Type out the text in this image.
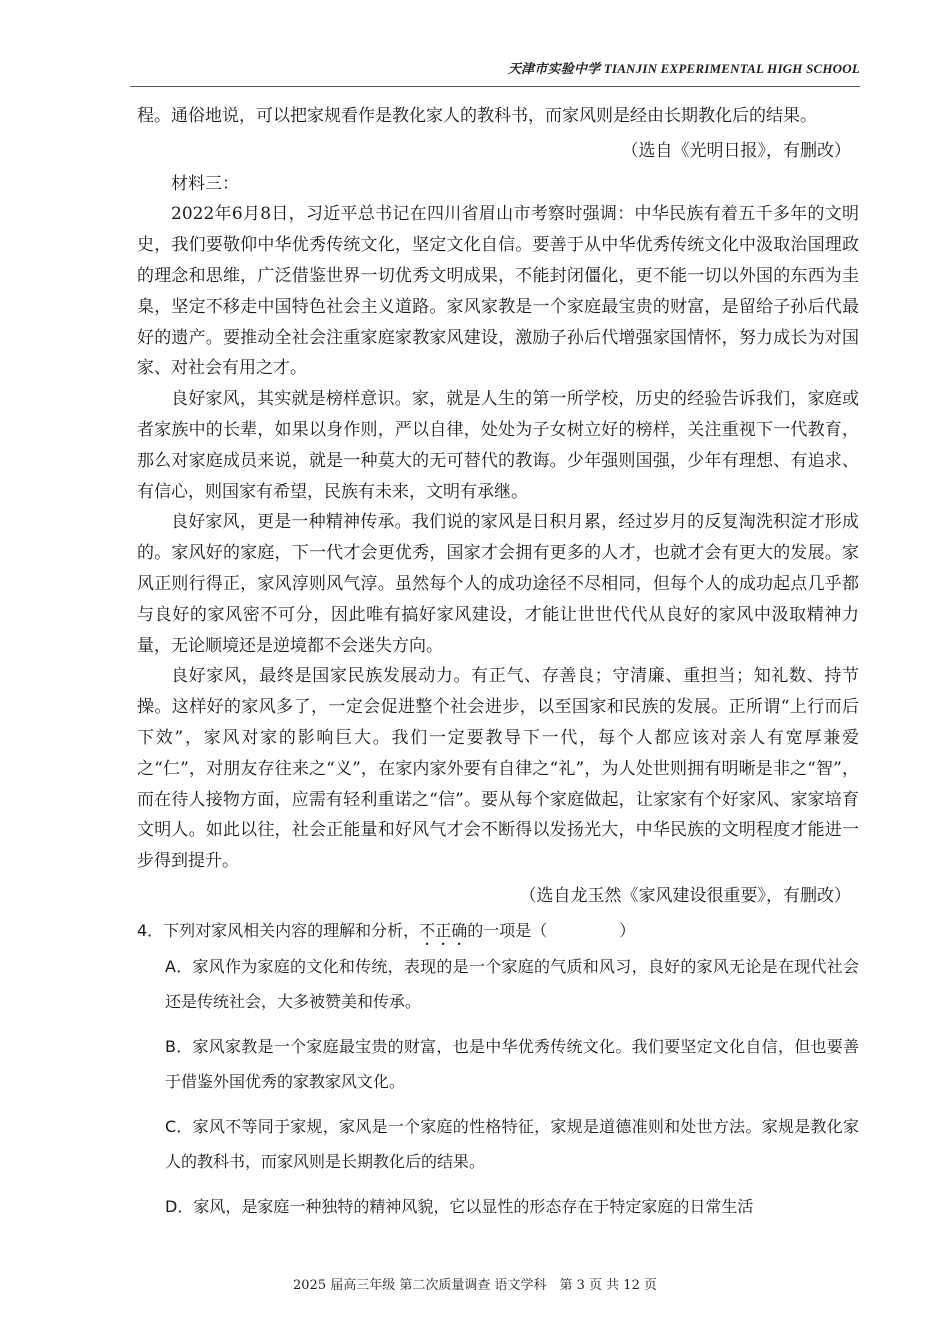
天津市实验中学 TIANJIN EXPERIMENTAL HIGH SCHOOL

程。通俗地说，可以把家规看作是教化家人的教科书，而家风则是经由长期教化后的结果。

（选自《光明日报》，有删改）

材料三：

2022年6月8日，习近平总书记在四川省眉山市考察时强调：中华民族有着五千多年的文明史，我们要敬仰中华优秀传统文化，坚定文化自信。要善于从中华优秀传统文化中汲取治国理政的理念和思维，广泛借鉴世界一切优秀文明成果，不能封闭僵化，更不能一切以外国的东西为圭臬，坚定不移走中国特色社会主义道路。家风家教是一个家庭最宝贵的财富，是留给子孙后代最好的遗产。要推动全社会注重家庭家教家风建设，激励子孙后代增强家国情怀，努力成长为对国家、对社会有用之才。

良好家风，其实就是榜样意识。家，就是人生的第一所学校，历史的经验告诉我们，家庭或者家族中的长辈，如果以身作则，严以自律，处处为子女树立好的榜样，关注重视下一代教育，那么对家庭成员来说，就是一种莫大的无可替代的教诲。少年强则国强，少年有理想、有追求、有信心，则国家有希望，民族有未来，文明有承继。

良好家风，更是一种精神传承。我们说的家风是日积月累，经过岁月的反复淘洗积淀才形成的。家风好的家庭，下一代才会更优秀，国家才会拥有更多的人才，也就才会有更大的发展。家风正则行得正，家风淳则风气淳。虽然每个人的成功途径不尽相同，但每个人的成功起点几乎都与良好的家风密不可分，因此唯有搞好家风建设，才能让世世代代从良好的家风中汲取精神力量，无论顺境还是逆境都不会迷失方向。

良好家风，最终是国家民族发展动力。有正气、存善良；守清廉、重担当；知礼数、持节操。这样好的家风多了，一定会促进整个社会进步，以至国家和民族的发展。正所谓“上行而后下效”，家风对家的影响巨大。我们一定要教导下一代，每个人都应该对亲人有宽厚兼爱之“仁”，对朋友存往来之“义”，在家内家外要有自律之“礼”，为人处世则拥有明晰是非之“智”，而在待人接物方面，应需有轻利重诺之“信”。要从每个家庭做起，让家家有个好家风、家家培育文明人。如此以往，社会正能量和好风气才会不断得以发扬光大，中华民族的文明程度才能进一步得到提升。

（选自龙玉然《家风建设很重要》，有删改）

4．下列对家风相关内容的理解和分析，不正确的一项是（	）
A．家风作为家庭的文化和传统，表现的是一个家庭的气质和风习，良好的家风无论是在现代社会还是传统社会，大多被赞美和传承。
B．家风家教是一个家庭最宝贵的财富，也是中华优秀传统文化。我们要坚定文化自信，但也要善于借鉴外国优秀的家教家风文化。
C．家风不等同于家规，家风是一个家庭的性格特征，家规是道德准则和处世方法。家规是教化家人的教科书，而家风则是长期教化后的结果。
D．家风，是家庭一种独特的精神风貌，它以显性的形态存在于特定家庭的日常生活
2025 届高三年级 第二次质量调查 语文学科　第 3 页 共 12 页
